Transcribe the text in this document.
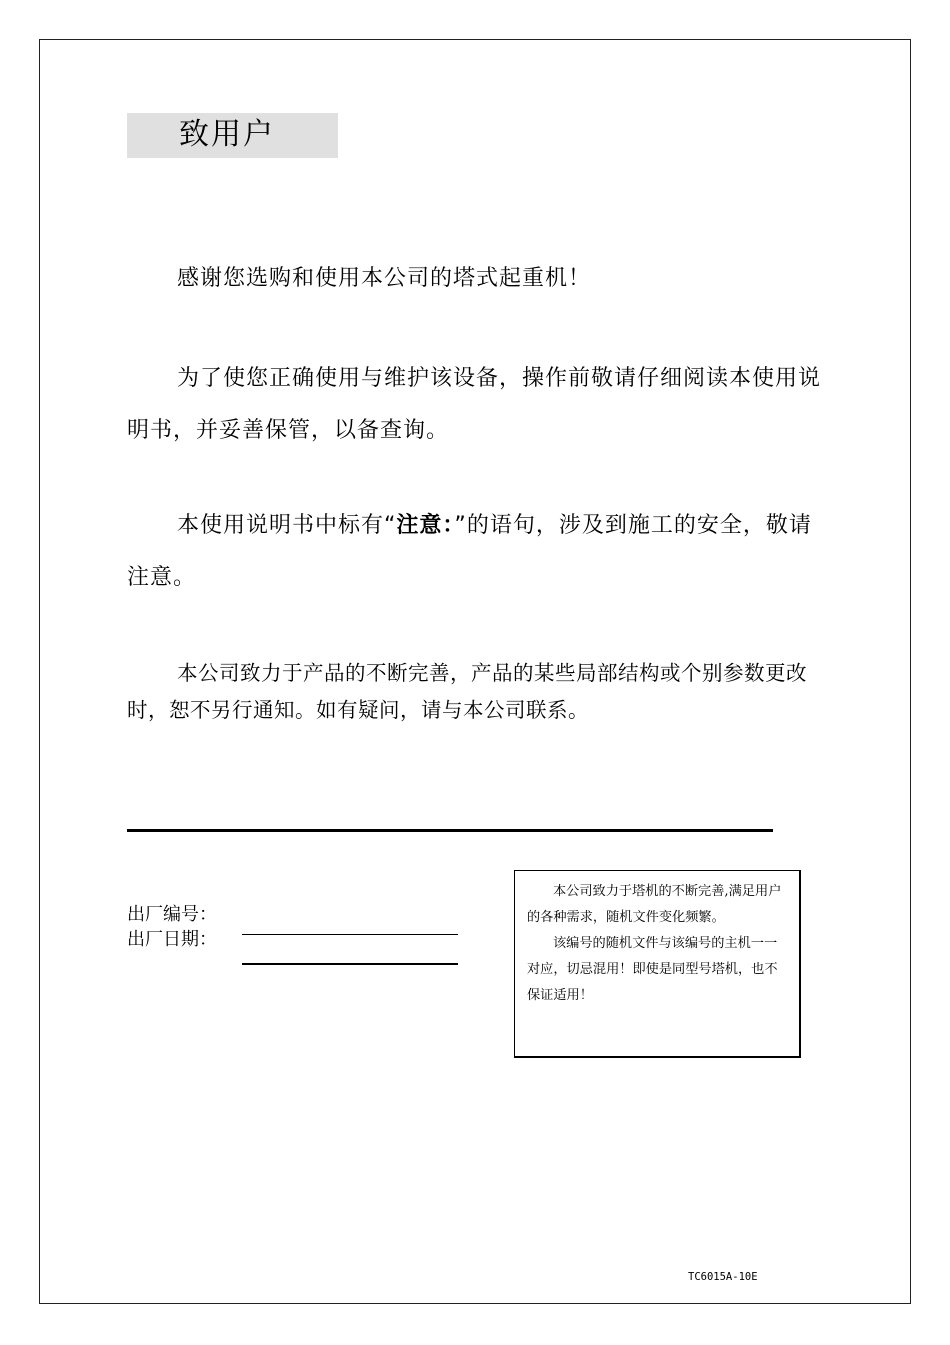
致用户

感谢您选购和使用本公司的塔式起重机！

为了使您正确使用与维护该设备，操作前敬请仔细阅读本使用说明书，并妥善保管，以备查询。

本使用说明书中标有“注意：”的语句，涉及到施工的安全，敬请注意。

本公司致力于产品的不断完善，产品的某些局部结构或个别参数更改时，恕不另行通知。如有疑问，请与本公司联系。

出厂编号：
出厂日期：

本公司致力于塔机的不断完善,满足用户的各种需求，随机文件变化频繁。

该编号的随机文件与该编号的主机一一对应，切忌混用！即使是同型号塔机，也不保证适用！

TC6015A-10E
